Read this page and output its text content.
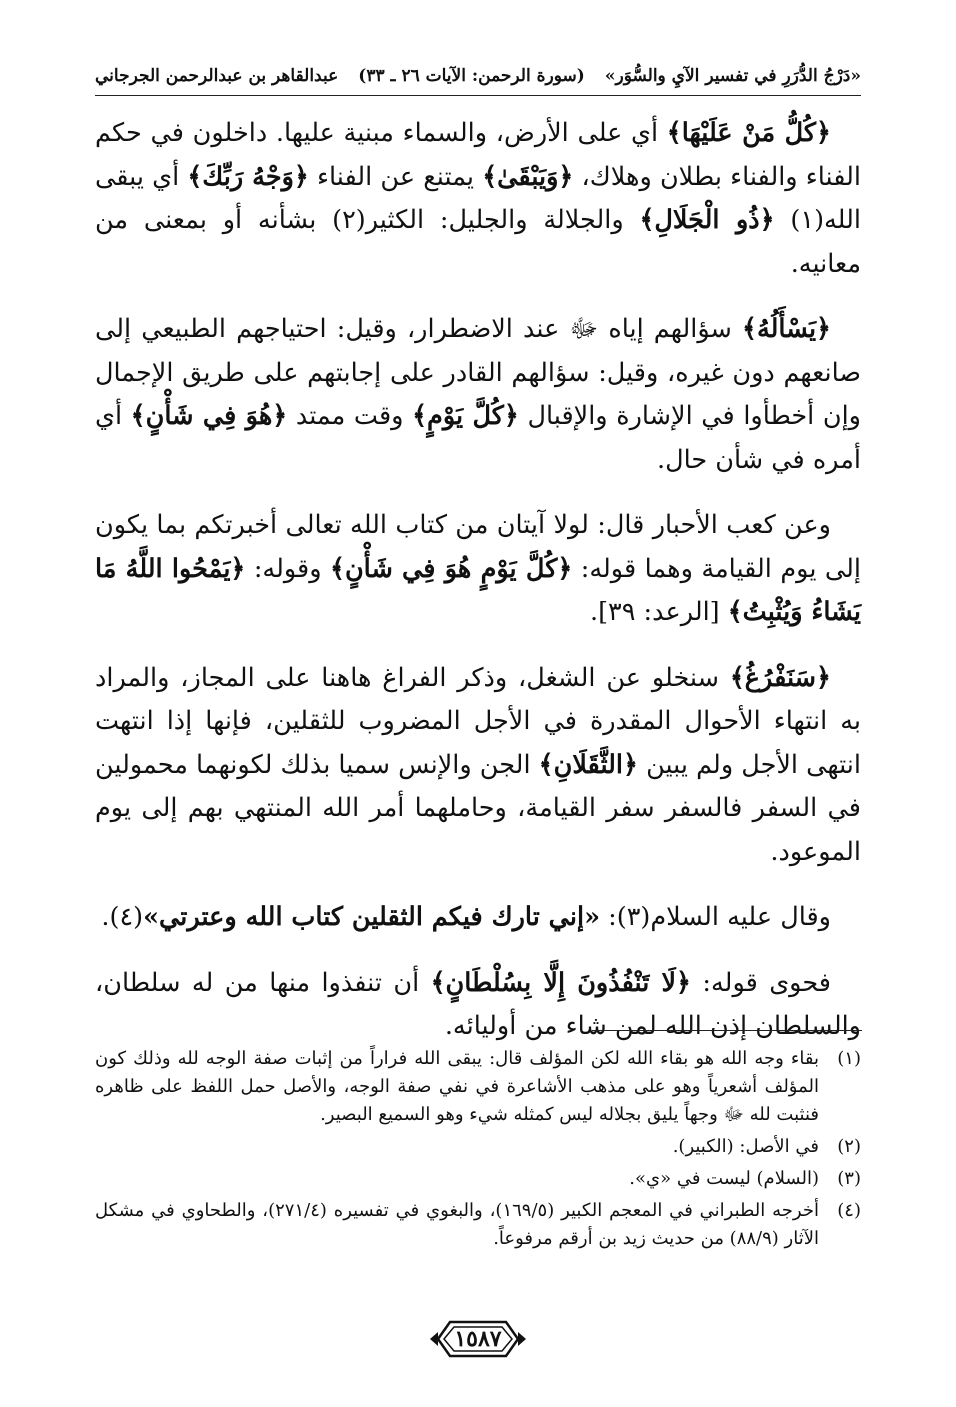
«دَرْجُ الدُّرَرِ في تفسير الآيِ والسُّوَر»
(سورة الرحمن: الآيات ٢٦ ـ ٣٣)
عبدالقاهر بن عبدالرحمن الجرجاني

﴿كُلُّ مَنْ عَلَيْهَا﴾ أي على الأرض، والسماء مبنية عليها. داخلون في حكم الفناء والفناء بطلان وهلاك، ﴿وَيَبْقَىٰ﴾ يمتنع عن الفناء ﴿وَجْهُ رَبِّكَ﴾ أي يبقى الله(١) ﴿ذُو الْجَلَالِ﴾ والجلالة والجليل: الكثير(٢) بشأنه أو بمعنى من معانيه.

﴿يَسْأَلُهُ﴾ سؤالهم إياه ﷻ عند الاضطرار، وقيل: احتياجهم الطبيعي إلى صانعهم دون غيره، وقيل: سؤالهم القادر على إجابتهم على طريق الإجمال وإن أخطأوا في الإشارة والإقبال ﴿كُلَّ يَوْمٍ﴾ وقت ممتد ﴿هُوَ فِي شَأْنٍ﴾ أي أمره في شأن حال.

وعن كعب الأحبار قال: لولا آيتان من كتاب الله تعالى أخبرتكم بما يكون إلى يوم القيامة وهما قوله: ﴿كُلَّ يَوْمٍ هُوَ فِي شَأْنٍ﴾ وقوله: ﴿يَمْحُوا اللَّهُ مَا يَشَاءُ وَيُثْبِتُ﴾ [الرعد: ٣٩].

﴿سَنَفْرُغُ﴾ سنخلو عن الشغل، وذكر الفراغ هاهنا على المجاز، والمراد به انتهاء الأحوال المقدرة في الأجل المضروب للثقلين، فإنها إذا انتهت انتهى الأجل ولم يبين ﴿الثَّقَلَانِ﴾ الجن والإنس سميا بذلك لكونهما محمولين في السفر فالسفر سفر القيامة، وحاملهما أمر الله المنتهي بهم إلى يوم الموعود.

وقال عليه السلام(٣): «إني تارك فيكم الثقلين كتاب الله وعترتي»(٤).

فحوى قوله: ﴿لَا تَنْفُذُونَ إِلَّا بِسُلْطَانٍ﴾ أن تنفذوا منها من له سلطان، والسلطان إذن الله لمن شاء من أوليائه.

(١)
بقاء وجه الله هو بقاء الله لكن المؤلف قال: يبقى الله فراراً من إثبات صفة الوجه لله وذلك كون المؤلف أشعرياً وهو على مذهب الأشاعرة في نفي صفة الوجه، والأصل حمل اللفظ على ظاهره فنثبت لله ﷻ وجهاً يليق بجلاله ليس كمثله شيء وهو السميع البصير.
(٢)
في الأصل: (الكبير).
(٣)
(السلام) ليست في «ي».
(٤)
أخرجه الطبراني في المعجم الكبير (١٦٩/٥)، والبغوي في تفسيره (٢٧١/٤)، والطحاوي في مشكل الآثار (٨٨/٩) من حديث زيد بن أرقم مرفوعاً.
١٥٨٧
